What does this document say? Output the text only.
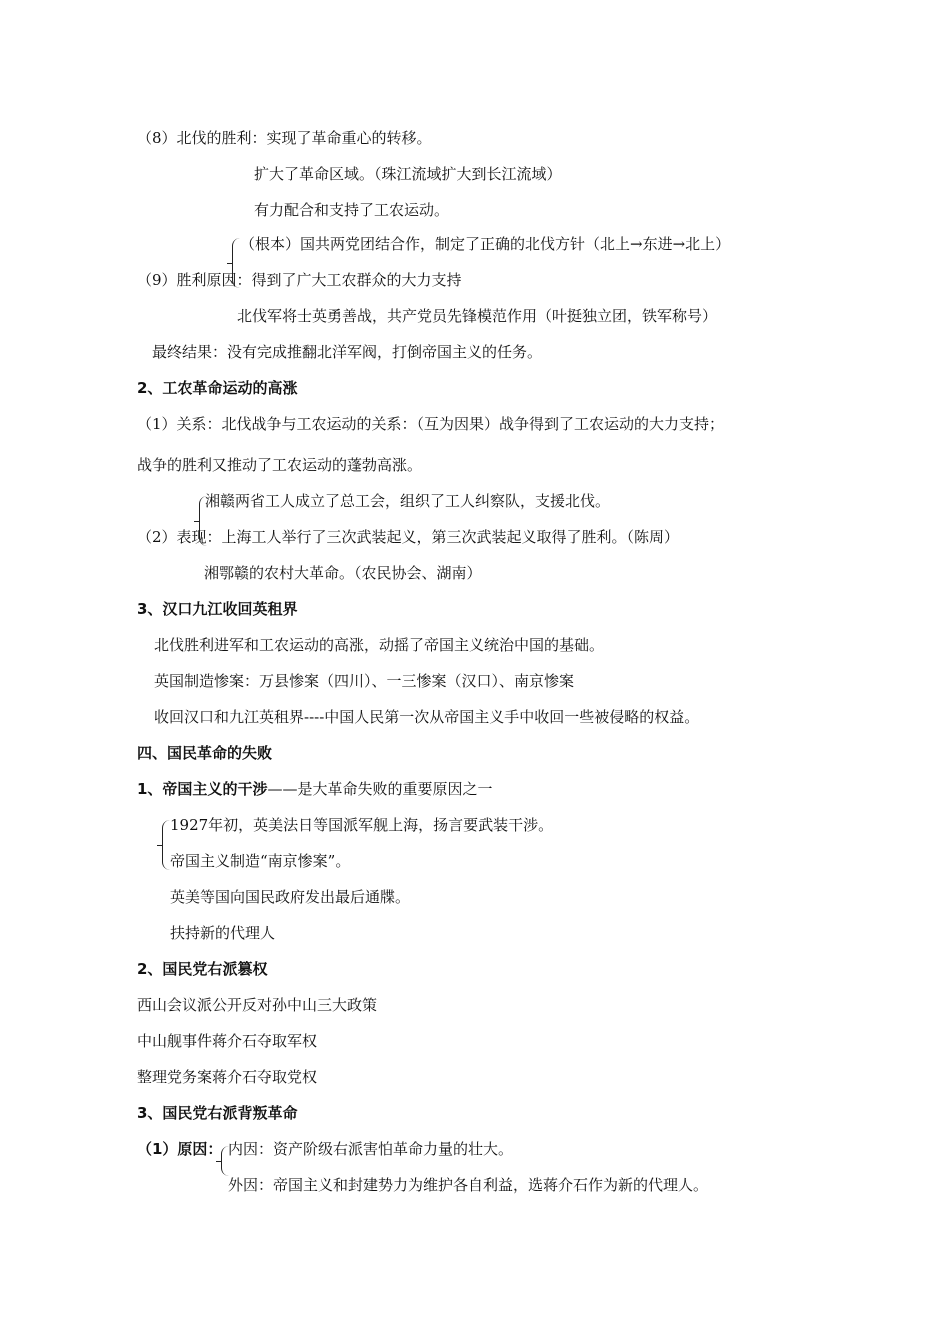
（8）北伐的胜利：实现了革命重心的转移。
扩大了革命区域。（珠江流域扩大到长江流域）
有力配合和支持了工农运动。
（根本）国共两党团结合作，制定了正确的北伐方针（北上→东进→北上）
（9）胜利原因：得到了广大工农群众的大力支持
北伐军将士英勇善战，共产党员先锋模范作用（叶挺独立团，铁军称号）
最终结果：没有完成推翻北洋军阀，打倒帝国主义的任务。
2、工农革命运动的高涨
（1）关系：北伐战争与工农运动的关系：（互为因果）战争得到了工农运动的大力支持；
战争的胜利又推动了工农运动的蓬勃高涨。
湘赣两省工人成立了总工会，组织了工人纠察队，支援北伐。
（2）表现：上海工人举行了三次武装起义，第三次武装起义取得了胜利。（陈周）
湘鄂赣的农村大革命。（农民协会、湖南）
3、汉口九江收回英租界
北伐胜利进军和工农运动的高涨，动摇了帝国主义统治中国的基础。
英国制造惨案：万县惨案（四川）、一三惨案（汉口）、南京惨案
收回汉口和九江英租界----中国人民第一次从帝国主义手中收回一些被侵略的权益。
四、国民革命的失败
1、帝国主义的干涉——是大革命失败的重要原因之一
1927年初，英美法日等国派军舰上海，扬言要武装干涉。
帝国主义制造“南京惨案”。
英美等国向国民政府发出最后通牒。
扶持新的代理人
2、国民党右派篡权
西山会议派公开反对孙中山三大政策
中山舰事件蒋介石夺取军权
整理党务案蒋介石夺取党权
3、国民党右派背叛革命
（1）原因： 内因：资产阶级右派害怕革命力量的壮大。
外因：帝国主义和封建势力为维护各自利益，选蒋介石作为新的代理人。
